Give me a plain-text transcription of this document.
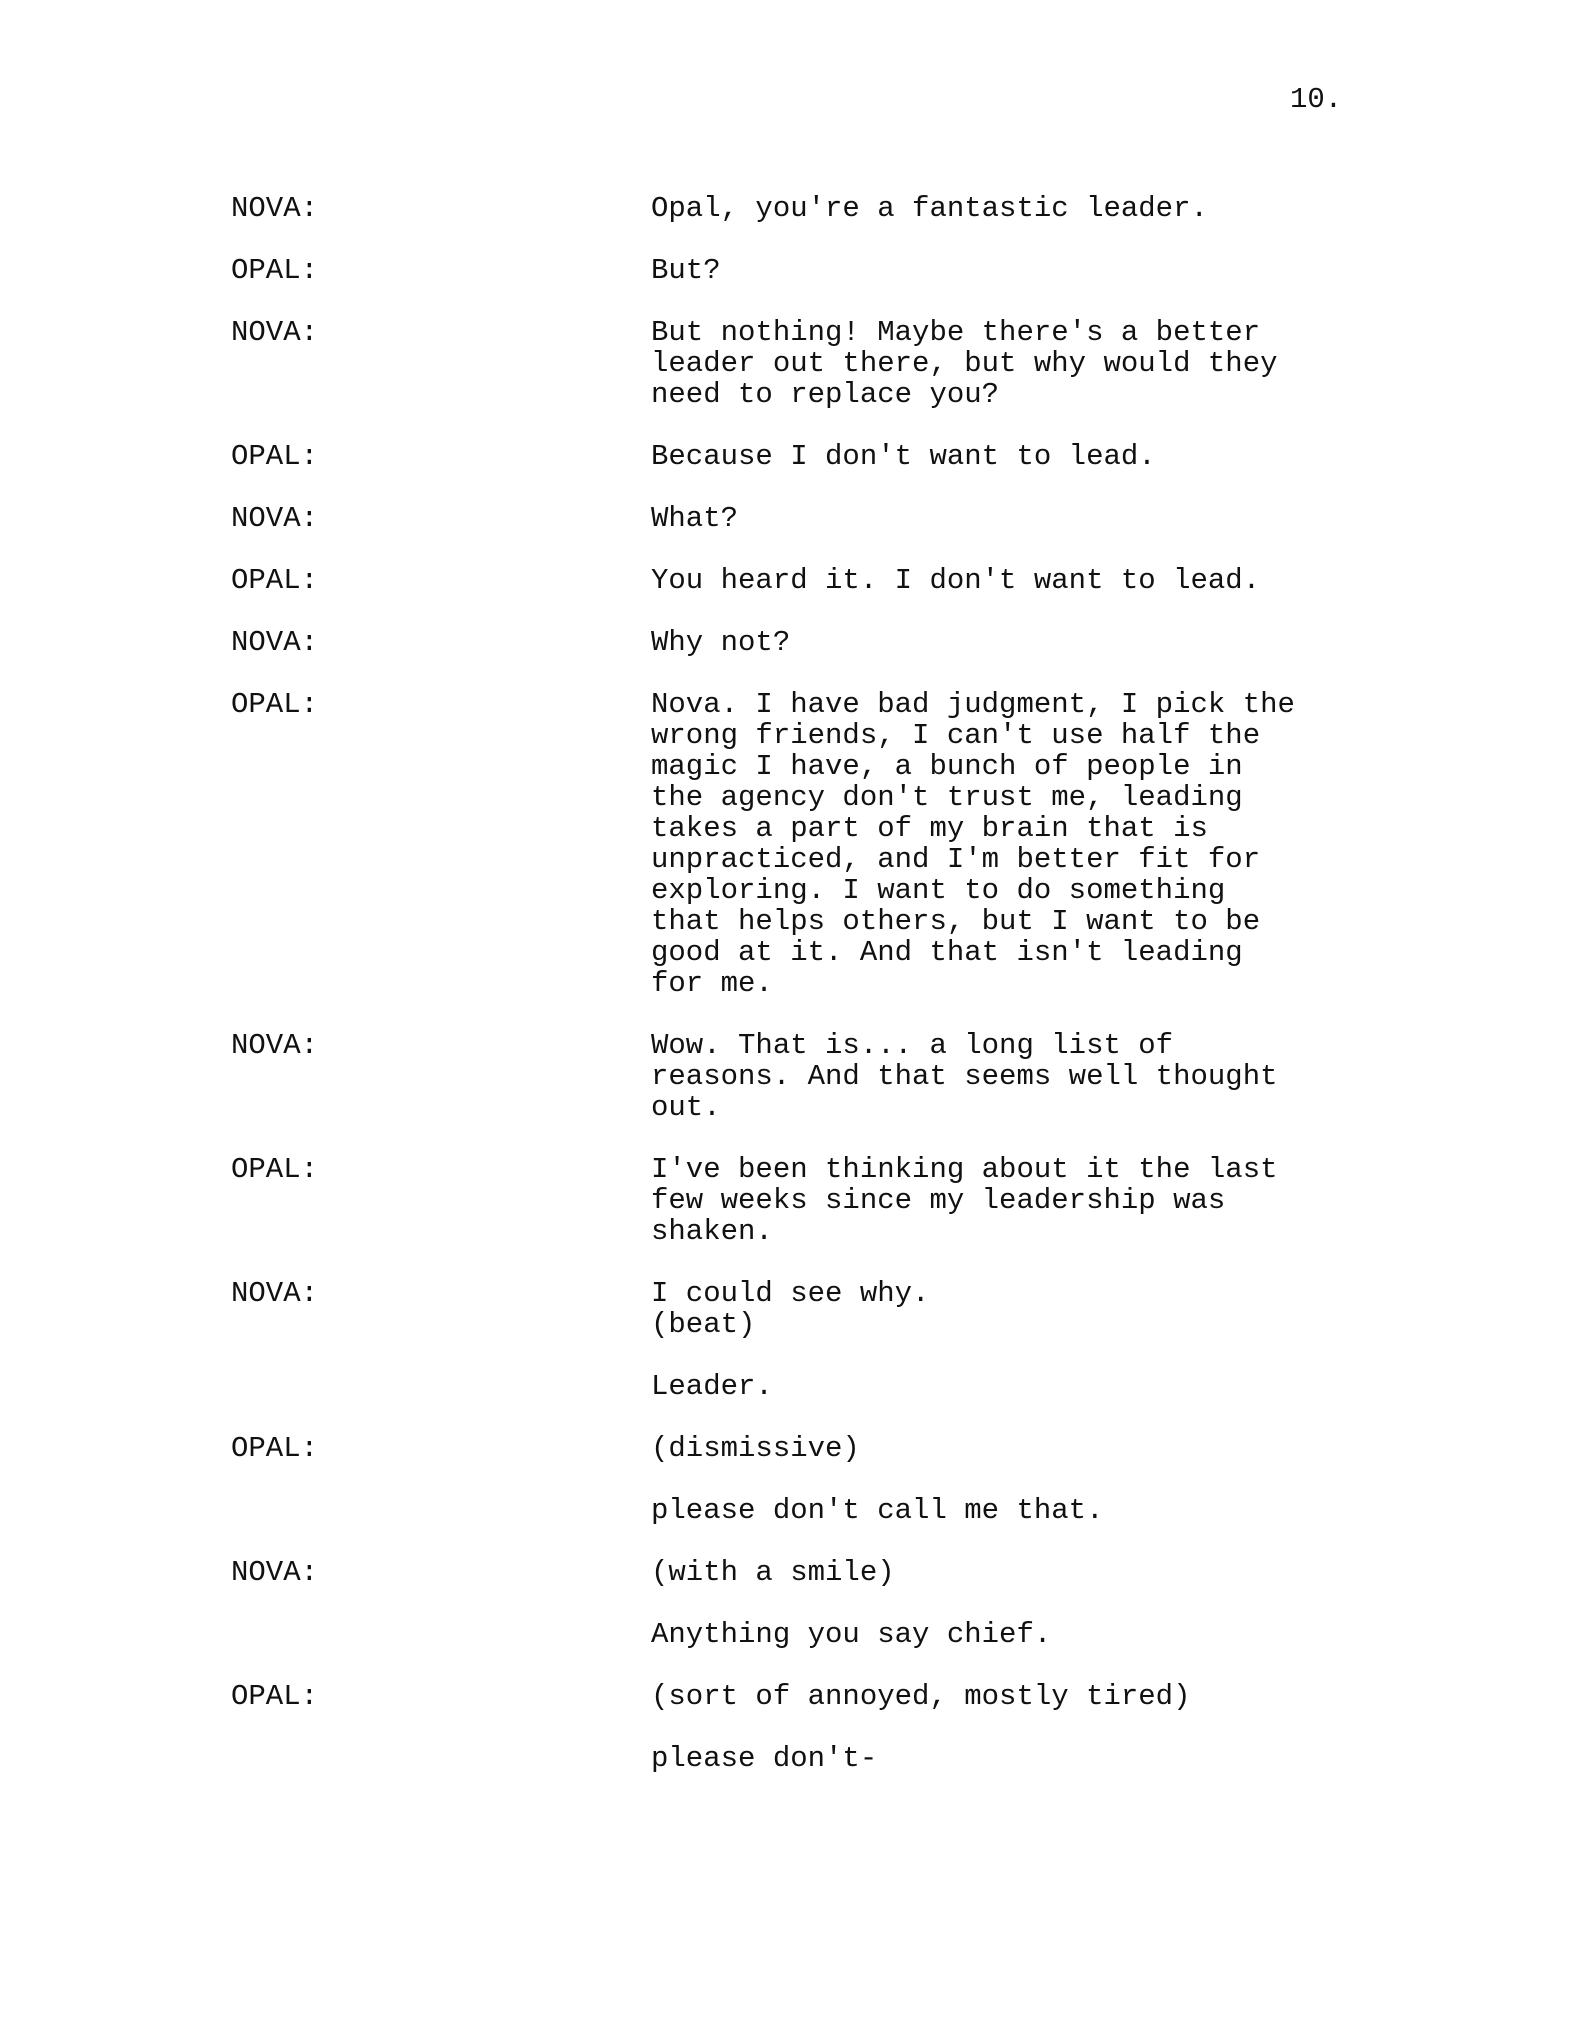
10.
NOVA:	Opal, you're a fantastic leader.
OPAL:	But?
NOVA:	But nothing! Maybe there's a better
leader out there, but why would they
need to replace you?
OPAL:	Because I don't want to lead.
NOVA:	What?
OPAL:	You heard it. I don't want to lead.
NOVA:	Why not?
OPAL:	Nova. I have bad judgment, I pick the
wrong friends, I can't use half the
magic I have, a bunch of people in
the agency don't trust me, leading
takes a part of my brain that is
unpracticed, and I'm better fit for
exploring. I want to do something
that helps others, but I want to be
good at it. And that isn't leading
for me.
NOVA:	Wow. That is... a long list of
reasons. And that seems well thought
out.
OPAL:	I've been thinking about it the last
few weeks since my leadership was
shaken.
NOVA:	I could see why.
(beat)
Leader.
OPAL:	(dismissive)
please don't call me that.
NOVA:	(with a smile)
Anything you say chief.
OPAL:	(sort of annoyed, mostly tired)
please don't-
